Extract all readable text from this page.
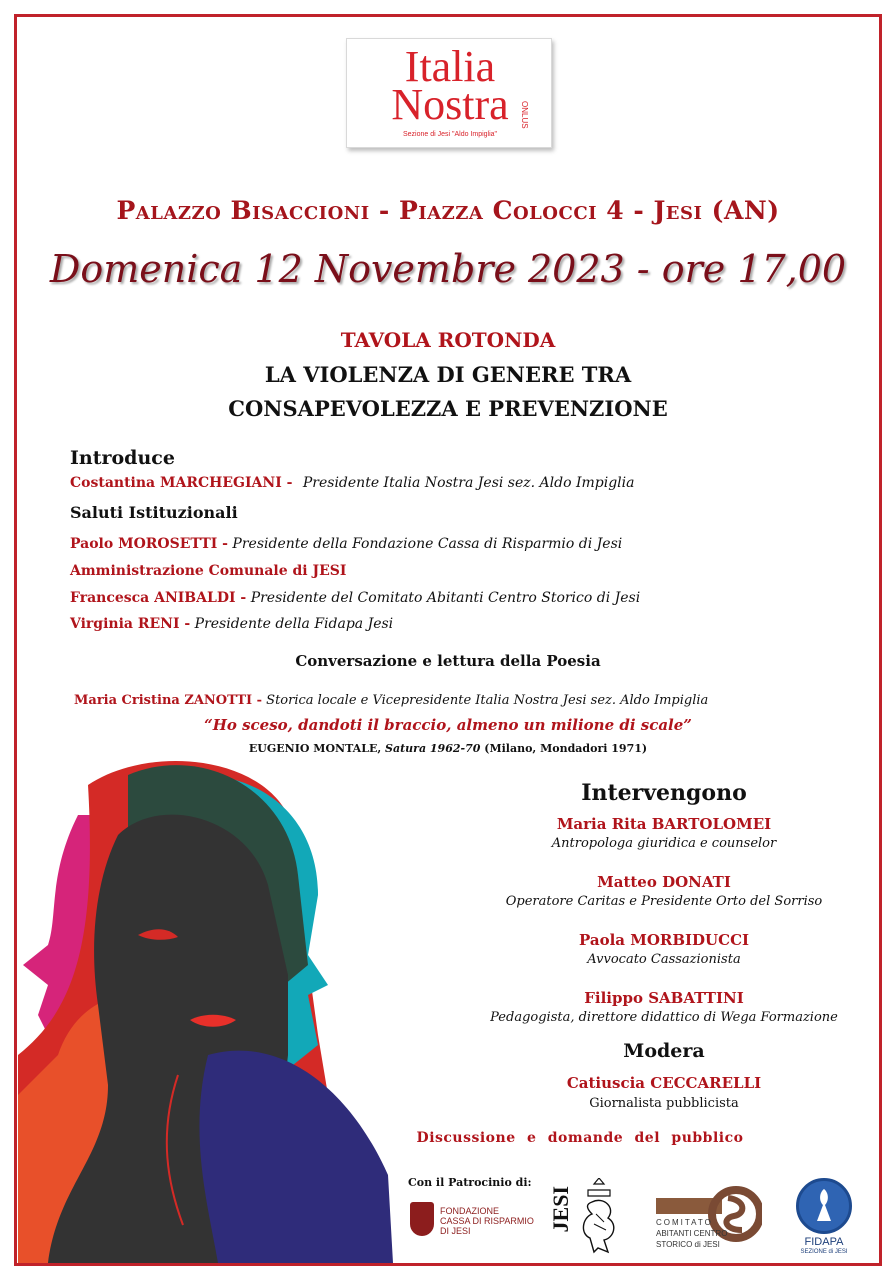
Italia
Nostra	ONLUS
Sezione di Jesi "Aldo Impiglia"
Palazzo Bisaccioni - Piazza Colocci 4 - Jesi (AN)
Domenica 12 Novembre 2023 - ore 17,00
TAVOLA ROTONDA
LA VIOLENZA DI GENERE TRA
CONSAPEVOLEZZA E PREVENZIONE
Introduce
Costantina MARCHEGIANI - Presidente Italia Nostra Jesi sez. Aldo Impiglia
Saluti Istituzionali
Paolo MOROSETTI - Presidente della Fondazione Cassa di Risparmio di Jesi
Amministrazione Comunale di JESI
Francesca ANIBALDI - Presidente del Comitato Abitanti Centro Storico di Jesi
Virginia RENI - Presidente della Fidapa Jesi
Conversazione e lettura della Poesia
Maria Cristina ZANOTTI - Storica locale e Vicepresidente Italia Nostra Jesi sez. Aldo Impiglia
“Ho sceso, dandoti il braccio, almeno un milione di scale”
EUGENIO MONTALE, Satura 1962-70 (Milano, Mondadori 1971)
Intervengono
Maria Rita BARTOLOMEI
Antropologa giuridica e counselor
Matteo DONATI
Operatore Caritas e Presidente Orto del Sorriso
Paola MORBIDUCCI
Avvocato Cassazionista
Filippo SABATTINI
Pedagogista, direttore didattico di Wega Formazione
Modera
Catiuscia CECCARELLI
Giornalista pubblicista
Discussione e domande del pubblico
Con il Patrocinio di:
FONDAZIONE
CASSA DI RISPARMIO
DI JESI	JESI	COMITATO
ABITANTI CENTRO
STORICO di JESI	FIDAPA
SEZIONE di JESI
